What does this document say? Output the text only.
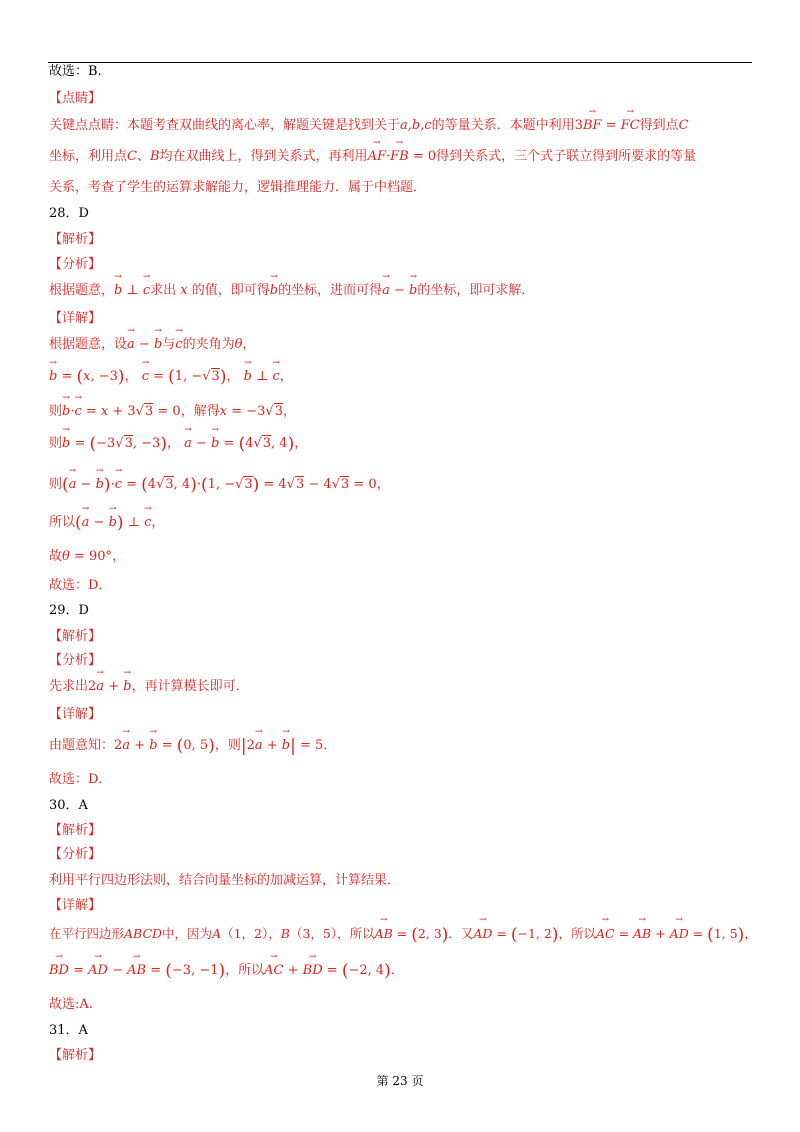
故选：B.
【点睛】
关键点点睛：本题考查双曲线的离心率，解题关键是找到关于a,b,c的等量关系．本题中利用3→ BF = → FC得到点C
坐标，利用点C、B均在双曲线上，得到关系式，再利用→ AF·→ FB = 0得到关系式，三个式子联立得到所要求的等量
关系，考查了学生的运算求解能力，逻辑推理能力．属于中档题．
28．D
【解析】
【分析】
根据题意，→ b ⊥ → c求出 x 的值，即可得→ b的坐标，进而可得→ a − → b的坐标，即可求解．
【详解】
根据题意，设→ a − → b与→ c的夹角为θ，
→ b = (x, −3)， → c = (1, −√3)， → b ⊥ → c，
则→ b·→ c = x + 3√3 = 0，解得x = −3√3，
则→ b = (−3√3, −3)， → a − → b = (4√3, 4)，
则(→ a − → b)·→ c = (4√3, 4)·(1, −√3) = 4√3 − 4√3 = 0，
所以(→ a − → b) ⊥ → c，
故θ = 90°，
故选：D．
29．D
【解析】
【分析】
先求出2→ a + → b，再计算模长即可．
【详解】
由题意知：2→ a + → b = (0, 5)，则|2→ a + → b| = 5．
故选：D．
30．A
【解析】
【分析】
利用平行四边形法则，结合向量坐标的加减运算，计算结果．
【详解】
在平行四边形ABCD中，因为A（1，2），B（3，5），所以→ AB = (2, 3)．又→ AD = (−1, 2)，所以→ AC = → AB + → AD = (1, 5)，
→ BD = → AD − → AB = (−3, −1)，所以→ AC + → BD = (−2, 4)．
故选:A.
31．A
【解析】
第 23 页
